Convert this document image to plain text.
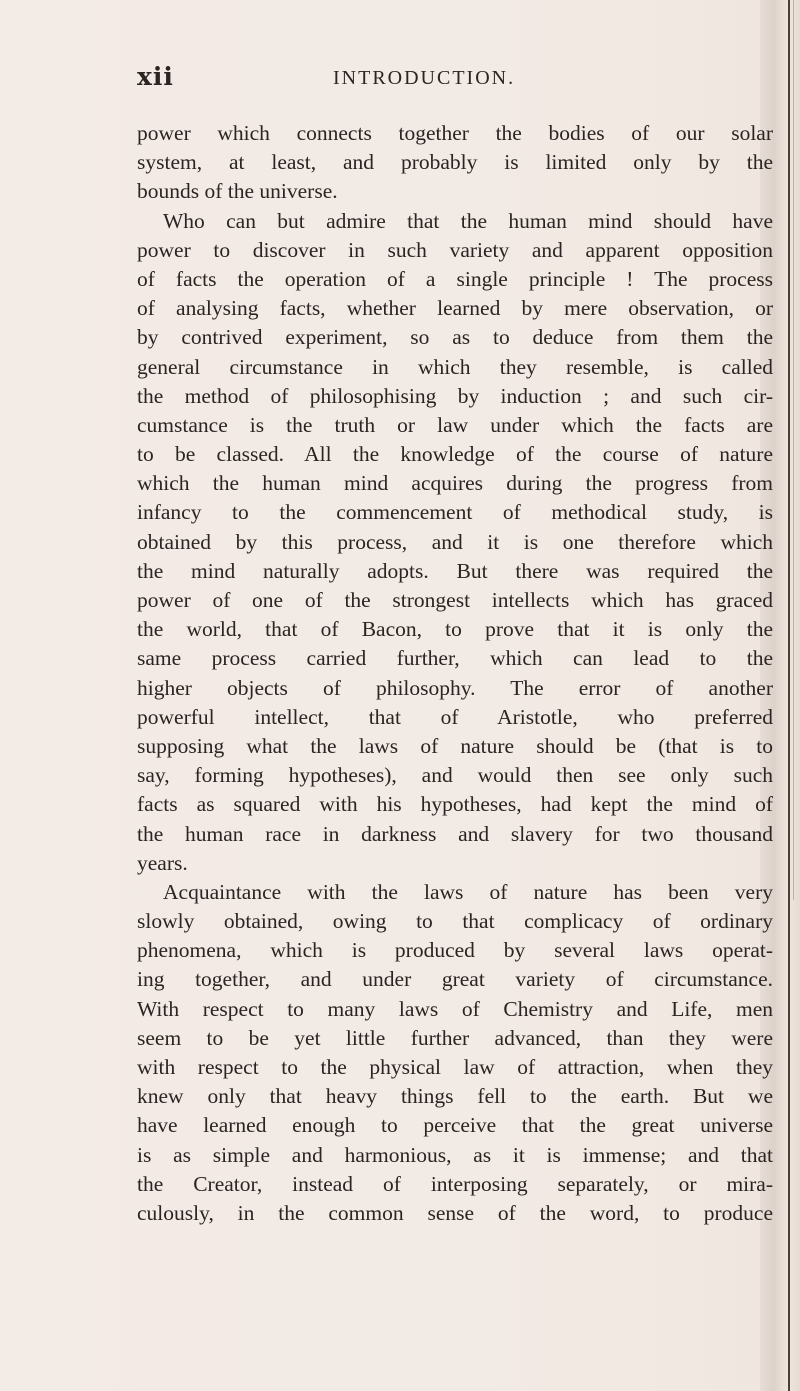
xii	INTRODUCTION.
power which connects together the bodies of our solar
system, at least, and probably is limited only by the
bounds of the universe.
Who can but admire that the human mind should have
power to discover in such variety and apparent opposition
of facts the operation of a single principle ! The process
of analysing facts, whether learned by mere observation, or
by contrived experiment, so as to deduce from them the
general circumstance in which they resemble, is called
the method of philosophising by induction ; and such cir-
cumstance is the truth or law under which the facts are
to be classed. All the knowledge of the course of nature
which the human mind acquires during the progress from
infancy to the commencement of methodical study, is
obtained by this process, and it is one therefore which
the mind naturally adopts. But there was required the
power of one of the strongest intellects which has graced
the world, that of Bacon, to prove that it is only the
same process carried further, which can lead to the
higher objects of philosophy. The error of another
powerful intellect, that of Aristotle, who preferred
supposing what the laws of nature should be (that is to
say, forming hypotheses), and would then see only such
facts as squared with his hypotheses, had kept the mind of
the human race in darkness and slavery for two thousand
years.
Acquaintance with the laws of nature has been very
slowly obtained, owing to that complicacy of ordinary
phenomena, which is produced by several laws operat-
ing together, and under great variety of circumstance.
With respect to many laws of Chemistry and Life, men
seem to be yet little further advanced, than they were
with respect to the physical law of attraction, when they
knew only that heavy things fell to the earth. But we
have learned enough to perceive that the great universe
is as simple and harmonious, as it is immense; and that
the Creator, instead of interposing separately, or mira-
culously, in the common sense of the word, to produce
